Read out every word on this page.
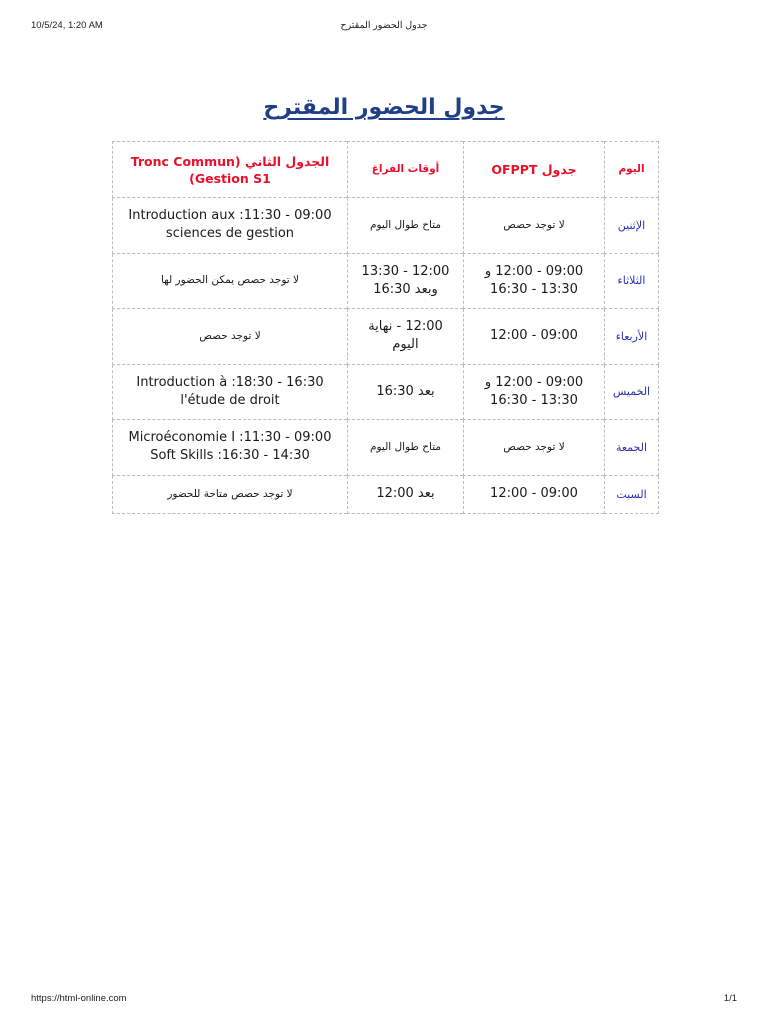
10/5/24, 1:20 AM	جدول الحضور المقترح
جدول الحضور المقترح
اليوم	جدول OFPPT	أوقات الفراغ	الجدول الثاني (Tronc Commun Gestion S1)
الإثنين	لا توجد حصص	متاح طوال اليوم	09:00 - 11:30: Introduction aux sciences de gestion
الثلاثاء	09:00 - 12:00 و 13:30 - 16:30	12:00 - 13:30 وبعد 16:30	لا توجد حصص يمكن الحضور لها
الأربعاء	09:00 - 12:00	12:00 - نهاية اليوم	لا توجد حصص
الخميس	09:00 - 12:00 و 13:30 - 16:30	بعد 16:30	16:30 - 18:30: Introduction à l'étude de droit
الجمعة	لا توجد حصص	متاح طوال اليوم	09:00 - 11:30: Microéconomie I
14:30 - 16:30: Soft Skills
السبت	09:00 - 12:00	بعد 12:00	لا توجد حصص متاحة للحضور
https://html-online.com	1/1
